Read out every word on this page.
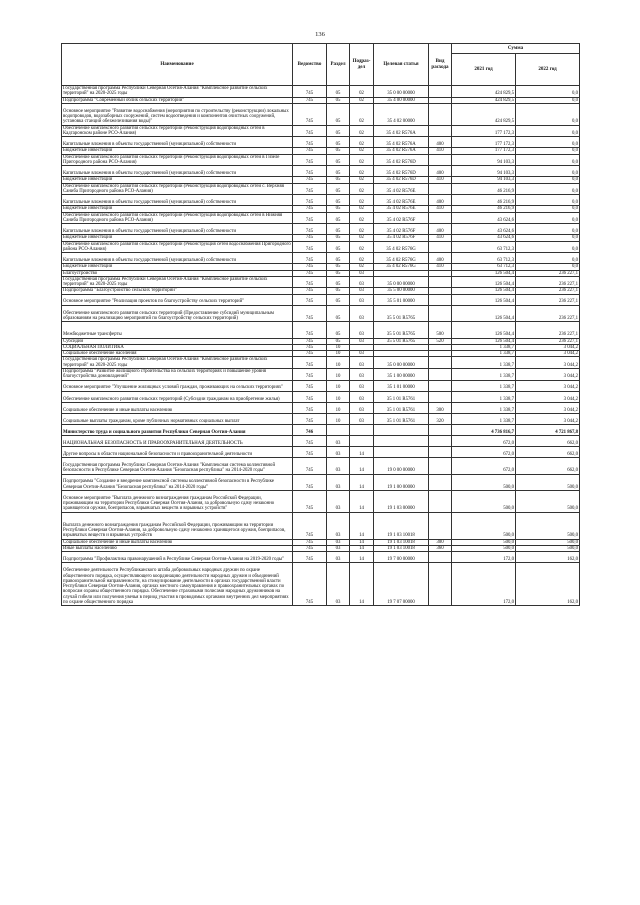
136
Наименование	Ведомство	Раздел	Подраз-дел	Целевая статья	Вид расхода	Сумма	
						2021 год	2022 год
Государственная программа Республики Северная Осетия-Алания "Комплексное развитие сельских территорий" на 2020-2025 годы	745	05	02	35 0 00 00000		424 829,5	0,0
Подпрограмма "Современный облик сельских территорий"	745	05	02	35 4 00 00000		424 829,5	0,0
Основное мероприятие "Развитие водоснабжения (мероприятия по строительству (реконструкции) локальных водопроводов, водозаборных сооружений, систем водоотведения и компонентов очистных сооружений, установка станций обезжелезивания воды)"	745	05	02	35 4 02 00000		424 829,5	0,0
Обеспечение комплексного развития сельских территорий (Реконструкция водопроводных сетей в Кадгаронском районе РСО-Алания)	745	05	02	35 4 02 R576A		177 172,3	0,0
Капитальные вложения в объекты государственной (муниципальной) собственности	745	05	02	35 4 02 R576A	400	177 172,3	0,0
Бюджетные инвестиции	745	05	02	35 4 02 R576A	410	177 172,3	0,0
Обеспечение комплексного развития сельских территорий (Реконструкция водопроводных сетей в Гизеле Пригородного района РСО-Алания)	745	05	02	35 4 02 R576D		94 103,3	0,0
Капитальные вложения в объекты государственной (муниципальной) собственности	745	05	02	35 4 02 R576D	400	94 103,3	0,0
Бюджетные инвестиции	745	05	02	35 4 02 R576D	410	94 103,3	0,0
Обеспечение комплексного развития сельских территорий (Реконструкция водопроводных сетей с. Верхняя Саниба Пригородного района РСО-Алания)	745	05	02	35 4 02 R576E		46 216,9	0,0
Капитальные вложения в объекты государственной (муниципальной) собственности	745	05	02	35 4 02 R576E	400	46 216,9	0,0
Бюджетные инвестиции	745	05	02	35 4 02 R576E	410	46 216,9	0,0
Обеспечение комплексного развития сельских территорий (Реконструкция водопроводных сетей в Нижняя Саниба Пригородного района РСО-Алания)	745	05	02	35 4 02 R576F		43 624,6	0,0
Капитальные вложения в объекты государственной (муниципальной) собственности	745	05	02	35 4 02 R576F	400	43 624,6	0,0
Бюджетные инвестиции	745	05	02	35 4 02 R576F	410	43 624,6	0,0
Обеспечение комплексного развития сельских территорий (Реконструкция сетей водоснабжения Пригородного района РСО-Алания)	745	05	02	35 4 02 R576G		63 712,3	0,0
Капитальные вложения в объекты государственной (муниципальной) собственности	745	05	02	35 4 02 R576G	400	63 712,3	0,0
Бюджетные инвестиции	745	05	02	35 4 02 R576G	410	63 712,3	0,0
Благоустройство	745	05	03			126 504,4	236 227,1
Государственная программа Республики Северная Осетия-Алания "Комплексное развитие сельских территорий" на 2020-2025 годы	745	05	03	35 0 00 00000		126 504,4	236 227,1
Подпрограмма "Благоустройство сельских территорий"	745	05	03	35 5 00 00000		126 504,4	236 227,1
Основное мероприятие "Реализация проектов по благоустройству сельских территорий"	745	05	03	35 5 01 00000		126 504,4	236 227,1
Обеспечение комплексного развития сельских территорий (Предоставление субсидий муниципальным образованиям на реализацию мероприятий по благоустройству сельских территорий)	745	05	03	35 5 01 R5765		126 504,4	236 227,1
Межбюджетные трансферты	745	05	03	35 5 01 R5765	500	126 504,4	236 227,1
Субсидии	745	05	03	35 5 01 R5765	520	126 504,4	236 227,1
СОЦИАЛЬНАЯ ПОЛИТИКА	745	10				1 338,7	3 044,2
Социальное обеспечение населения	745	10	03			1 338,7	3 044,2
Государственная программа Республики Северная Осетия-Алания "Комплексное развитие сельских территорий" на 2020-2025 годы	745	10	03	35 0 00 00000		1 338,7	3 044,2
Подпрограмма "Развитие жилищного строительства на сельских территориях и повышение уровня благоустройства домовладений"	745	10	03	35 1 00 00000		1 338,7	3 044,2
Основное мероприятие "Улучшение жилищных условий граждан, проживающих на сельских территориях"	745	10	03	35 1 01 00000		1 338,7	3 044,2
Обеспечение комплексного развития сельских территорий (Субсидии гражданам на приобретение жилья)	745	10	03	35 1 01 R5761		1 338,7	3 044,2
Социальное обеспечение и иные выплаты населению	745	10	03	35 1 01 R5761	300	1 338,7	3 044,2
Социальные выплаты гражданам, кроме публичных нормативных социальных выплат	745	10	03	35 1 01 R5761	320	1 338,7	3 044,2
Министерство труда и социального развития Республики Северная Осетия-Алания	746					4 736 816,7	4 721 867,8
НАЦИОНАЛЬНАЯ БЕЗОПАСНОСТЬ И ПРАВООХРАНИТЕЛЬНАЯ ДЕЯТЕЛЬНОСТЬ	745	03				672,0	662,0
Другие вопросы в области национальной безопасности и правоохранительной деятельности	745	03	14			672,0	662,0
Государственная программа Республики Северная Осетия-Алания "Комплексная система коллективной безопасности в Республике Северная Осетия-Алания "Безопасная республика" на 2014-2020 годы"	745	03	14	19 0 00 00000		672,0	662,0
Подпрограмма "Создание и внедрение комплексной системы коллективной безопасности в Республике Северная Осетия-Алания "Безопасная республика" на 2014-2020 годы"	745	03	14	19 1 00 00000		500,0	500,0
Основное мероприятие "Выплата денежного вознаграждения гражданам Российской Федерации, проживающим на территории Республики Северная Осетия-Алания, за добровольную сдачу незаконно хранящегося оружия, боеприпасов, взрывчатых веществ и взрывных устройств"	745	03	14	19 1 03 00000		500,0	500,0
Выплата денежного вознаграждения гражданам Российской Федерации, проживающим на территории Республики Северная Осетия-Алания, за добровольную сдачу незаконно хранящегося оружия, боеприпасов, взрывчатых веществ и взрывных устройств	745	03	14	19 1 03 10018		500,0	500,0
Социальное обеспечение и иные выплаты населению	745	03	14	19 1 03 10018	300	500,0	500,0
Иные выплаты населению	745	03	14	19 1 03 10018	360	500,0	500,0
Подпрограмма "Профилактика правонарушений в Республике Северная Осетия-Алания на 2019-2020 годы"	745	03	14	19 7 00 00000		172,0	162,0
Обеспечение деятельности Республиканского штаба добровольных народных дружин по охране общественного порядка, осуществляющего координацию деятельности народных дружин и объединений правоохранительной направленности, на стимулирование деятельности в органах государственной власти Республики Северная Осетия-Алания, органах местного самоуправления и правоохранительных органах по вопросам охраны общественного порядка. Обеспечение страховыми полисами народных дружинников на случай гибели или получения увечья в период участия в проводимых органами внутренних дел мероприятиях по охране общественного порядка	745	03	14	19 7 07 00000		172,0	162,0
